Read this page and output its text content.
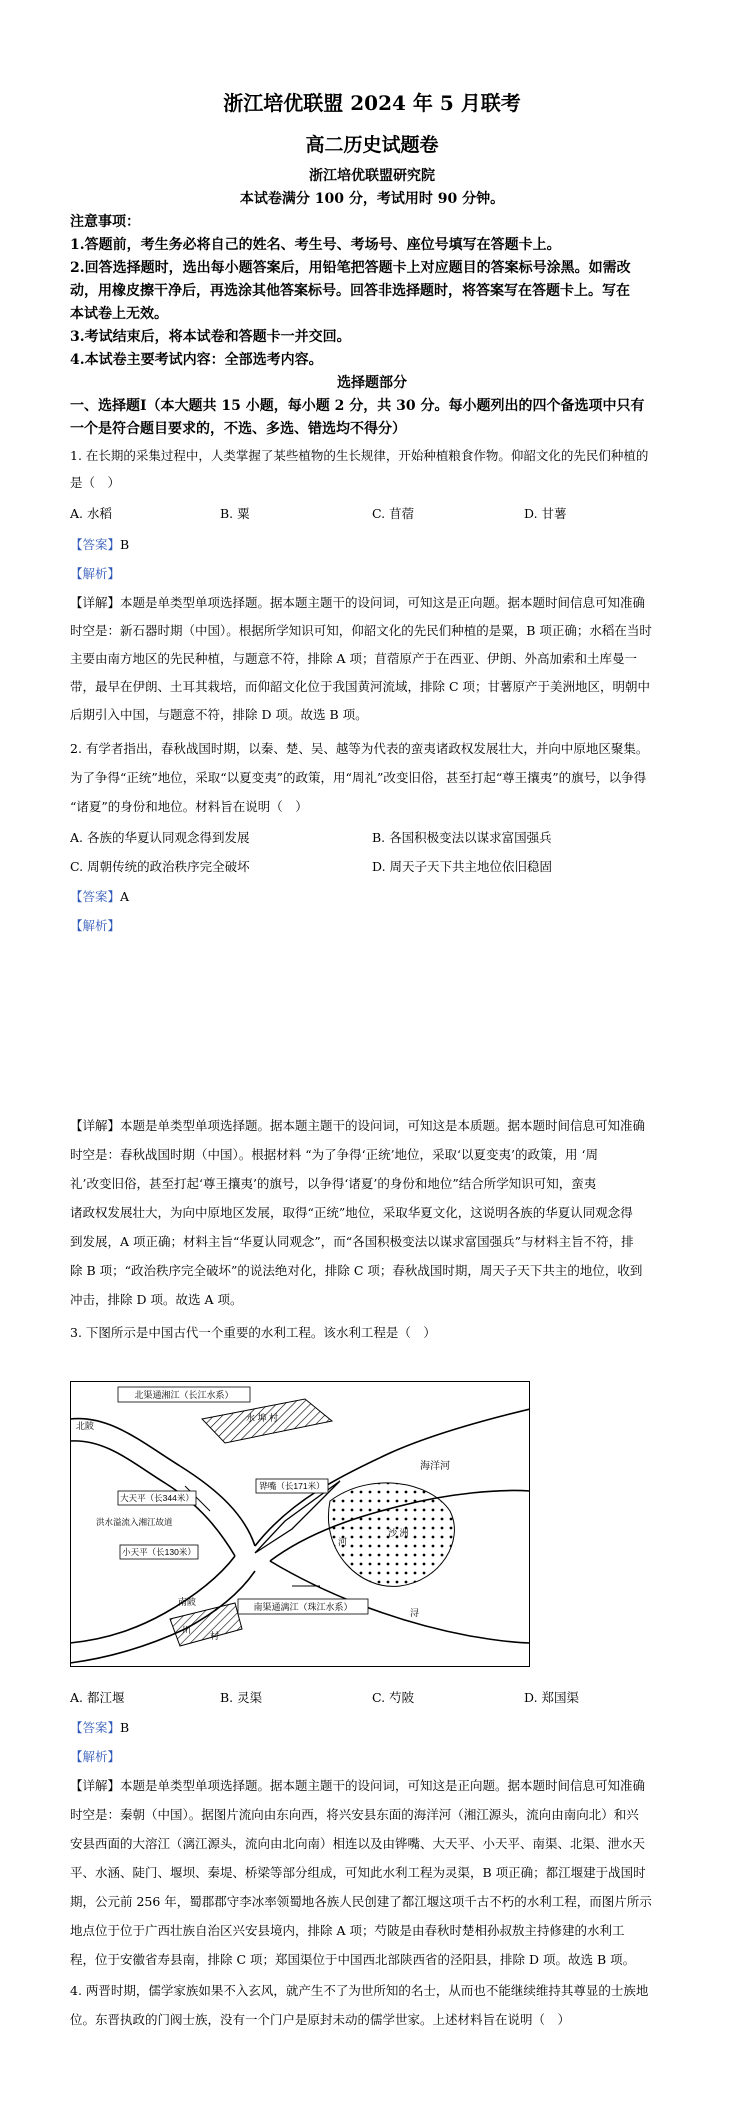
浙江培优联盟 2024 年 5 月联考
高二历史试题卷
浙江培优联盟研究院
本试卷满分 100 分，考试用时 90 分钟。
注意事项：
1.答题前，考生务必将自己的姓名、考生号、考场号、座位号填写在答题卡上。
2.回答选择题时，选出每小题答案后，用铅笔把答题卡上对应题目的答案标号涂黑。如需改
动，用橡皮擦干净后，再选涂其他答案标号。回答非选择题时，将答案写在答题卡上。写在
本试卷上无效。
3.考试结束后，将本试卷和答题卡一并交回。
4.本试卷主要考试内容：全部选考内容。
选择题部分
一、选择题I（本大题共 15 小题，每小题 2 分，共 30 分。每小题列出的四个备选项中只有
一个是符合题目要求的，不选、多选、错选均不得分）
1. 在长期的采集过程中，人类掌握了某些植物的生长规律，开始种植粮食作物。仰韶文化的先民们种植的
是（　）
A. 水稻	B. 粟	C. 苜蓿	D. 甘薯
【答案】B
【解析】
【详解】本题是单类型单项选择题。据本题主题干的设问词，可知这是正向题。据本题时间信息可知准确
时空是：新石器时期（中国）。根据所学知识可知，仰韶文化的先民们种植的是粟，B 项正确；水稻在当时
主要由南方地区的先民种植，与题意不符，排除 A 项；苜蓿原产于在西亚、伊朗、外高加索和土库曼一
带，最早在伊朗、土耳其栽培，而仰韶文化位于我国黄河流域，排除 C 项；甘薯原产于美洲地区，明朝中
后期引入中国，与题意不符，排除 D 项。故选 B 项。
2. 有学者指出，春秋战国时期，以秦、楚、吴、越等为代表的蛮夷诸政权发展壮大，并向中原地区聚集。
为了争得“正统”地位，采取“以夏变夷”的政策，用“周礼”改变旧俗，甚至打起“尊王攘夷”的旗号，以争得
“诸夏”的身份和地位。材料旨在说明（　）
A. 各族的华夏认同观念得到发展	B. 各国积极变法以谋求富国强兵
C. 周朝传统的政治秩序完全破坏	D. 周天子天下共主地位依旧稳固
【答案】A
【解析】
【详解】本题是单类型单项选择题。据本题主题干的设问词，可知这是本质题。据本题时间信息可知准确
时空是：春秋战国时期（中国）。根据材料 “为了争得‘正统’地位，采取‘以夏变夷’的政策，用 ‘周
礼’改变旧俗，甚至打起‘尊王攘夷’的旗号，以争得‘诸夏’的身份和地位”结合所学知识可知，蛮夷
诸政权发展壮大，为向中原地区发展，取得“正统”地位，采取华夏文化，这说明各族的华夏认同观念得
到发展，A 项正确；材料主旨“华夏认同观念”，而“各国积极变法以谋求富国强兵”与材料主旨不符，排
除 B 项；“政治秩序完全破坏”的说法绝对化，排除 C 项；春秋战国时期，周天子天下共主的地位，收到
冲击，排除 D 项。故选 A 项。
3. 下图所示是中国古代一个重要的水利工程。该水利工程是（　）
北渠通湘江（长江水系）
北陂
水 埠 村
海洋河
大天平（长344米）
铧嘴（长171米）
洪水溢流入湘江故道
小天平（长130米）
沙 洲
南陂	南渠通漓江（珠江水系）
河
川
村
浔
A. 都江堰	B. 灵渠	C. 芍陂	D. 郑国渠
【答案】B
【解析】
【详解】本题是单类型单项选择题。据本题主题干的设问词，可知这是正向题。据本题时间信息可知准确
时空是：秦朝（中国）。据图片流向由东向西，将兴安县东面的海洋河（湘江源头，流向由南向北）和兴
安县西面的大溶江（漓江源头，流向由北向南）相连以及由铧嘴、大天平、小天平、南渠、北渠、泄水天
平、水涵、陡门、堰坝、秦堤、桥梁等部分组成，可知此水利工程为灵渠，B 项正确；都江堰建于战国时
期，公元前 256 年，蜀郡郡守李冰率领蜀地各族人民创建了都江堰这项千古不朽的水利工程，而图片所示
地点位于位于广西壮族自治区兴安县境内，排除 A 项；芍陂是由春秋时楚相孙叔敖主持修建的水利工
程，位于安徽省寿县南，排除 C 项；郑国渠位于中国西北部陕西省的泾阳县，排除 D 项。故选 B 项。
4. 两晋时期，儒学家族如果不入玄风，就产生不了为世所知的名士，从而也不能继续维持其尊显的士族地
位。东晋执政的门阀士族，没有一个门户是原封未动的儒学世家。上述材料旨在说明（　）
